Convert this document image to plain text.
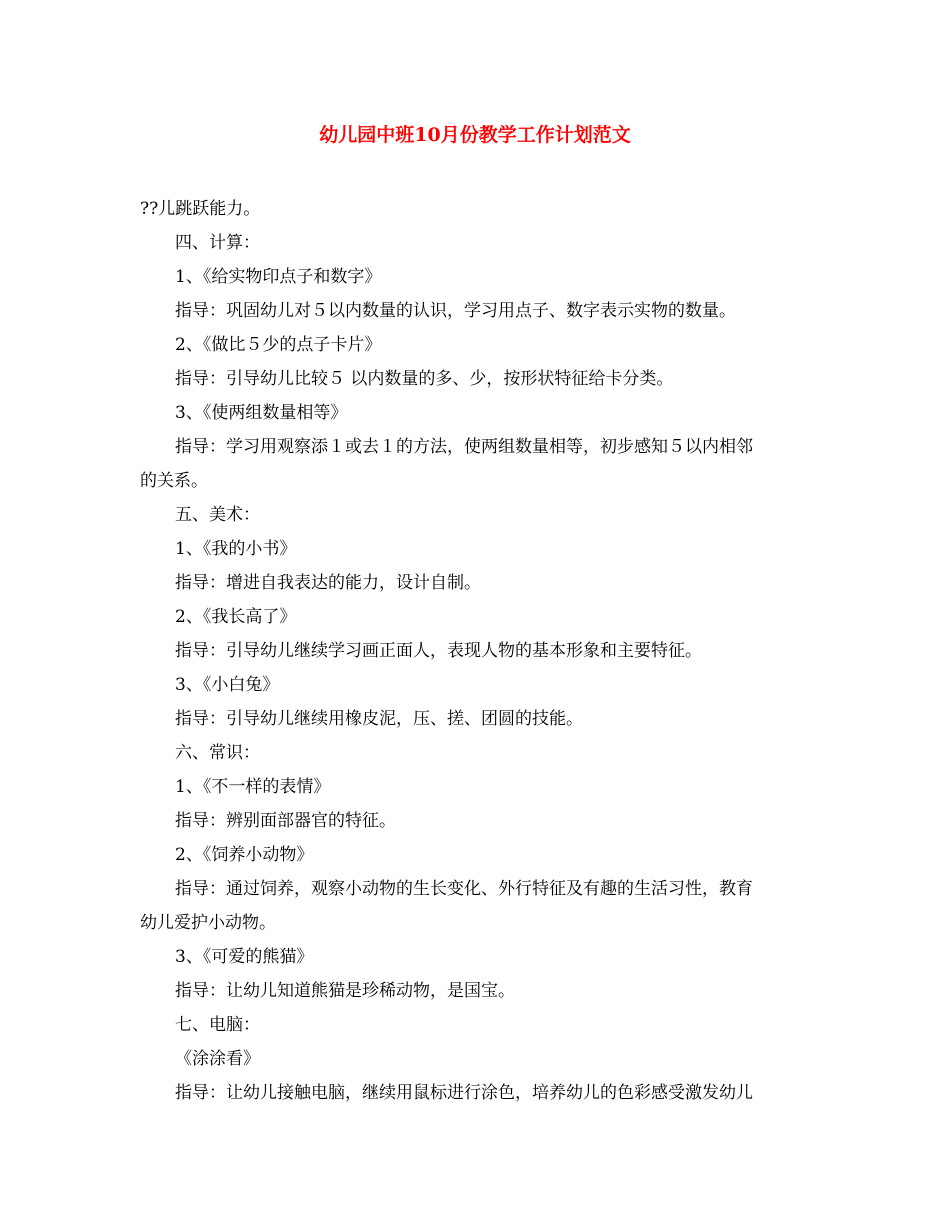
幼儿园中班10月份教学工作计划范文
??儿跳跃能力。
四、计算：
1、《给实物印点子和数字》
指导：巩固幼儿对５以内数量的认识，学习用点子、数字表示实物的数量。
2、《做比５少的点子卡片》
指导：引导幼儿比较５ 以内数量的多、少，按形状特征给卡分类。
3、《使两组数量相等》
指导：学习用观察添１或去１的方法，使两组数量相等，初步感知５以内相邻
的关系。
五、美术：
1、《我的小书》
指导：增进自我表达的能力，设计自制。
2、《我长高了》
指导：引导幼儿继续学习画正面人，表现人物的基本形象和主要特征。
3、《小白兔》
指导：引导幼儿继续用橡皮泥，压、搓、团圆的技能。
六、常识：
1、《不一样的表情》
指导：辨别面部器官的特征。
2、《饲养小动物》
指导：通过饲养，观察小动物的生长变化、外行特征及有趣的生活习性，教育
幼儿爱护小动物。
3、《可爱的熊猫》
指导：让幼儿知道熊猫是珍稀动物，是国宝。
七、电脑：
《涂涂看》
指导：让幼儿接触电脑，继续用鼠标进行涂色，培养幼儿的色彩感受激发幼儿
